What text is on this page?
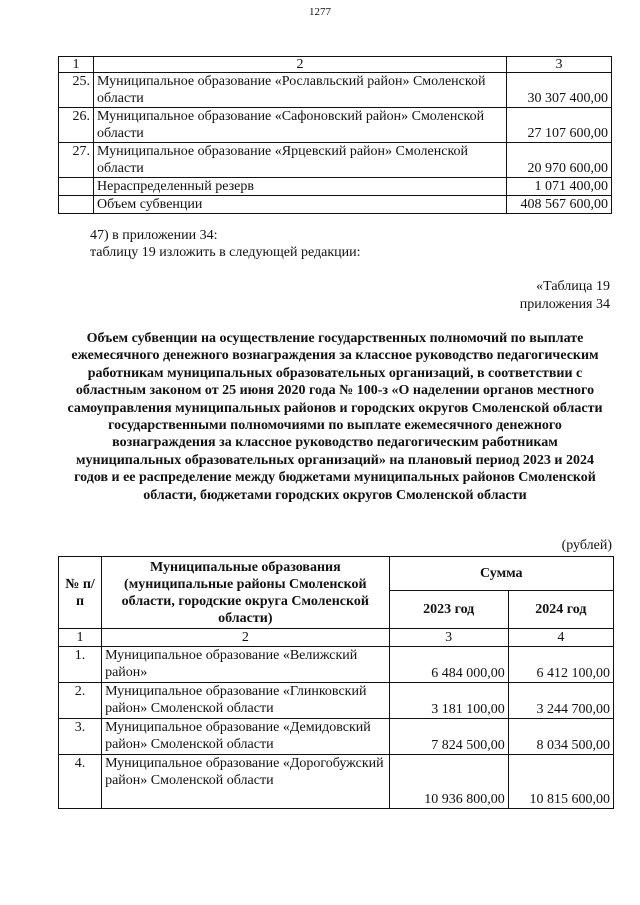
1277
1	2	3
25.	Муниципальное образование «Рославльский район» Смоленской области	30 307 400,00
26.	Муниципальное образование «Сафоновский район» Смоленской области	27 107 600,00
27.	Муниципальное образование «Ярцевский район» Смоленской области	20 970 600,00
	Нераспределенный резерв	1 071 400,00
	Объем субвенции	408 567 600,00
47) в приложении 34:
таблицу 19 изложить в следующей редакции:
«Таблица 19
приложения 34
Объем субвенции на осуществление государственных полномочий по выплате ежемесячного денежного вознаграждения за классное руководство педагогическим работникам муниципальных образовательных организаций, в соответствии с областным законом от 25 июня 2020 года № 100-з «О наделении органов местного самоуправления муниципальных районов и городских округов Смоленской области государственными полномочиями по выплате ежемесячного денежного вознаграждения за классное руководство педагогическим работникам муниципальных образовательных организаций» на плановый период 2023 и 2024 годов и ее распределение между бюджетами муниципальных районов Смоленской области, бюджетами городских округов Смоленской области
(рублей)
№ п/п	Муниципальные образования (муниципальные районы Смоленской области, городские округа Смоленской области)	Сумма	
		2023 год	2024 год
1	2	3	4
1.	Муниципальное образование «Велижский район»	6 484 000,00	6 412 100,00
2.	Муниципальное образование «Глинковский район» Смоленской области	3 181 100,00	3 244 700,00
3.	Муниципальное образование «Демидовский район» Смоленской области	7 824 500,00	8 034 500,00
4.	Муниципальное образование «Дорогобужский район» Смоленской области	10 936 800,00	10 815 600,00
